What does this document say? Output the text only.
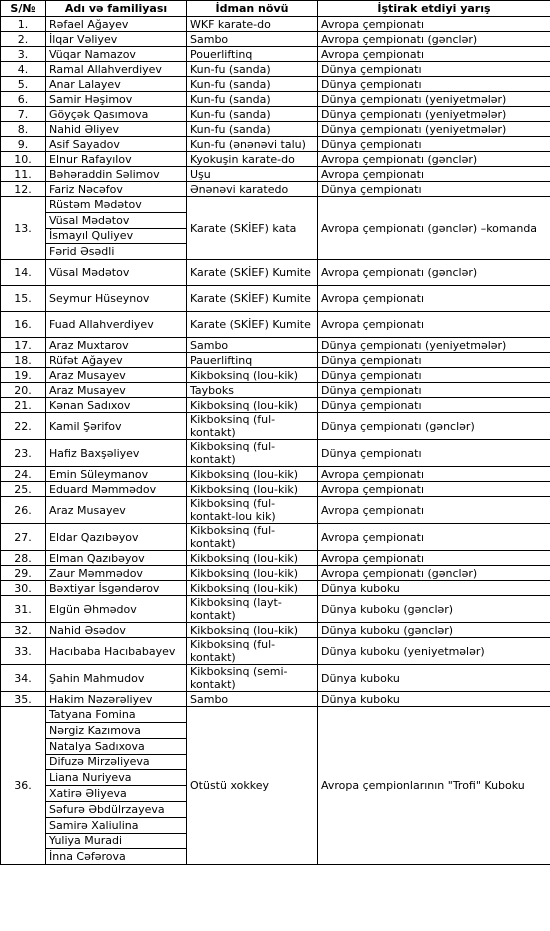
S/№	Adı və familiyası	İdman növü	İştirak etdiyi yarış
1.	Rəfael Ağayev	WKF karate-do	Avropa çempionatı
2.	İlqar Vəliyev	Sambo	Avropa çempionatı (gənclər)
3.	Vüqar Namazov	Pouerliftinq	Avropa çempionatı
4.	Ramal Allahverdiyev	Kun-fu (sanda)	Dünya çempionatı
5.	Anar Lalayev	Kun-fu (sanda)	Dünya çempionatı
6.	Samir Həşimov	Kun-fu (sanda)	Dünya çempionatı (yeniyetmələr)
7.	Göyçək Qasımova	Kun-fu (sanda)	Dünya çempionatı (yeniyetmələr)
8.	Nahid Əliyev	Kun-fu (sanda)	Dünya çempionatı (yeniyetmələr)
9.	Asif Sayadov	Kun-fu (ənənəvi talu)	Dünya çempionatı
10.	Elnur Rafayılov	Kyokuşin karate-do	Avropa çempionatı (gənclər)
11.	Bəhəraddin Səlimov	Uşu	Avropa çempionatı
12.	Fariz Nəcəfov	Ənənəvi karatedo	Dünya çempionatı
13.	Rüstəm Mədətov	Karate (SKİEF) kata	Avropa çempionatı (gənclər) –komanda
	Vüsal Mədətov		
	İsmayıl Quliyev		
	Fərid Əsədli		
14.	Vüsal Mədətov	Karate (SKİEF) Kumite	Avropa çempionatı (gənclər)
15.	Seymur Hüseynov	Karate (SKİEF) Kumite	Avropa çempionatı
16.	Fuad Allahverdiyev	Karate (SKİEF) Kumite	Avropa çempionatı
17.	Araz Muxtarov	Sambo	Dünya çempionatı (yeniyetmələr)
18.	Rüfət Ağayev	Pauerliftinq	Dünya çempionatı
19.	Araz Musayev	Kikboksinq (lou-kik)	Dünya çempionatı
20.	Araz Musayev	Tayboks	Dünya çempionatı
21.	Kənan Sadıxov	Kikboksinq (lou-kik)	Dünya çempionatı
22.	Kamil Şərifov	Kikboksinq (ful-kontakt)	Dünya çempionatı (gənclər)
23.	Hafiz Baxşəliyev	Kikboksinq (ful-kontakt)	Dünya çempionatı
24.	Emin Süleymanov	Kikboksinq (lou-kik)	Avropa çempionatı
25.	Eduard Məmmədov	Kikboksinq (lou-kik)	Avropa çempionatı
26.	Araz Musayev	Kikboksinq (ful-kontakt-lou kik)	Avropa çempionatı
27.	Eldar Qazıbəyov	Kikboksinq (ful-kontakt)	Avropa çempionatı
28.	Elman Qazıbəyov	Kikboksinq (lou-kik)	Avropa çempionatı
29.	Zaur Məmmədov	Kikboksinq (lou-kik)	Avropa çempionatı (gənclər)
30.	Bəxtiyar İsgəndərov	Kikboksinq (lou-kik)	Dünya kuboku
31.	Elgün Əhmədov	Kikboksinq (layt-kontakt)	Dünya kuboku (gənclər)
32.	Nahid Əsədov	Kikboksinq (lou-kik)	Dünya kuboku (gənclər)
33.	Hacıbaba Hacıbabayev	Kikboksinq (ful-kontakt)	Dünya kuboku (yeniyetmələr)
34.	Şahin Mahmudov	Kikboksinq (semi-kontakt)	Dünya kuboku
35.	Hakim Nəzərəliyev	Sambo	Dünya kuboku
36.	Tatyana Fomina	Otüstü xokkey	Avropa çempionlarının "Trofi" Kuboku
	Nərgiz Kazımova		
	Natalya Sadıxova		
	Difuzə Mirzəliyeva		
	Liana Nuriyeva		
	Xatirə Əliyeva		
	Səfurə Əbdülrzayeva		
	Samirə Xaliulina		
	Yuliya Muradi		
	İnna Cəfərova		
